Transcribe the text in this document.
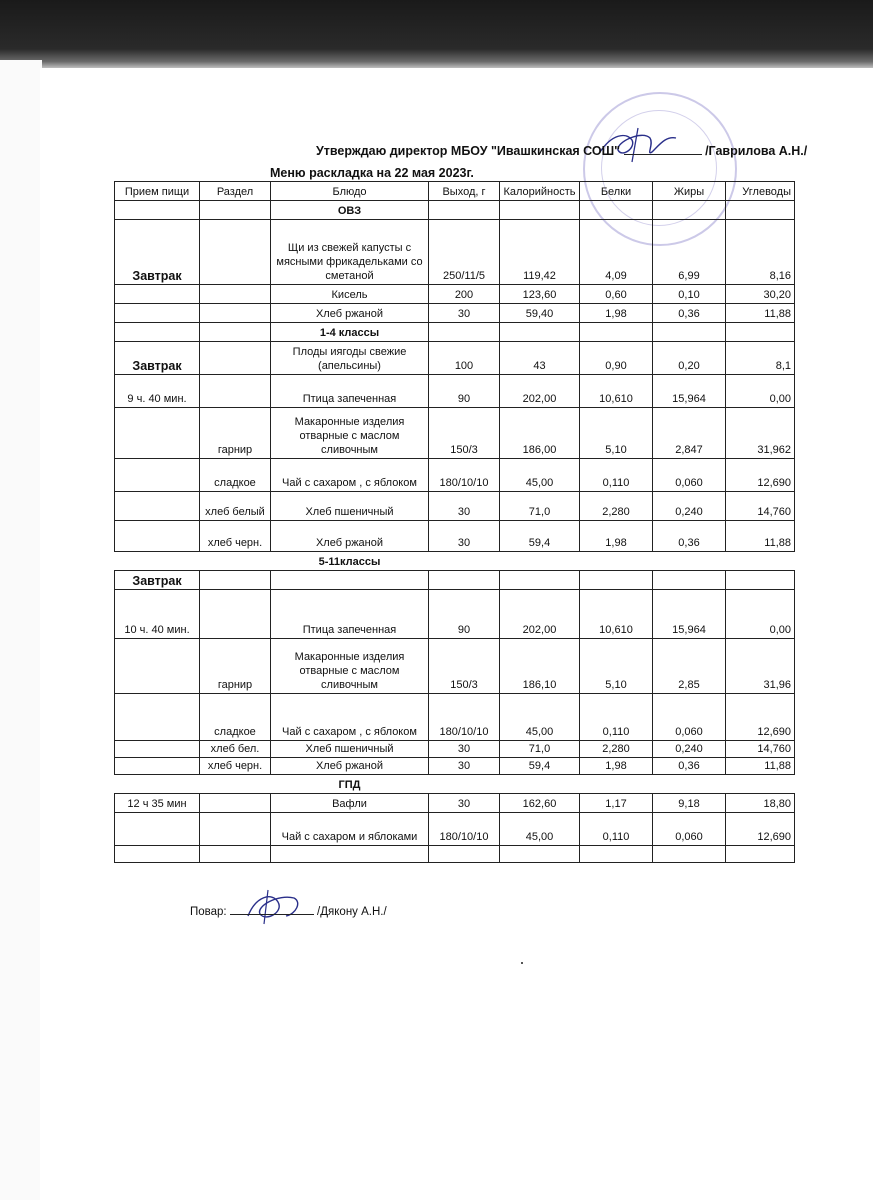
Утверждаю директор МБОУ "Ивашкинская СОШ"	/Гаврилова А.Н./
Меню раскладка на 22 мая 2023г.
Прием пищи	Раздел	Блюдо	Выход, г	Калорийность	Белки	Жиры	Углеводы
		ОВЗ					
Завтрак		Щи из свежей капусты с мясными фрикадельками со сметаной	250/11/5	119,42	4,09	6,99	8,16
		Кисель	200	123,60	0,60	0,10	30,20
		Хлеб ржаной	30	59,40	1,98	0,36	11,88
		1-4 классы					
Завтрак		Плоды иягоды свежие (апельсины)	100	43	0,90	0,20	8,1
9 ч. 40 мин.		Птица запеченная	90	202,00	10,610	15,964	0,00
	гарнир	Макаронные изделия отварные с маслом сливочным	150/3	186,00	5,10	2,847	31,962
	сладкое	Чай с сахаром , с яблоком	180/10/10	45,00	0,110	0,060	12,690
	хлеб белый	Хлеб пшеничный	30	71,0	2,280	0,240	14,760
	хлеб черн.	Хлеб ржаной	30	59,4	1,98	0,36	11,88
		5-11классы					
Завтрак							
10 ч. 40 мин.		Птица запеченная	90	202,00	10,610	15,964	0,00
	гарнир	Макаронные изделия отварные с маслом сливочным	150/3	186,10	5,10	2,85	31,96
	сладкое	Чай с сахаром , с яблоком	180/10/10	45,00	0,110	0,060	12,690
	хлеб бел.	Хлеб пшеничный	30	71,0	2,280	0,240	14,760
	хлеб черн.	Хлеб ржаной	30	59,4	1,98	0,36	11,88
		ГПД					
12 ч 35 мин		Вафли	30	162,60	1,17	9,18	18,80
		Чай с сахаром и яблоками	180/10/10	45,00	0,110	0,060	12,690

Повар:	/Дякону А.Н./
